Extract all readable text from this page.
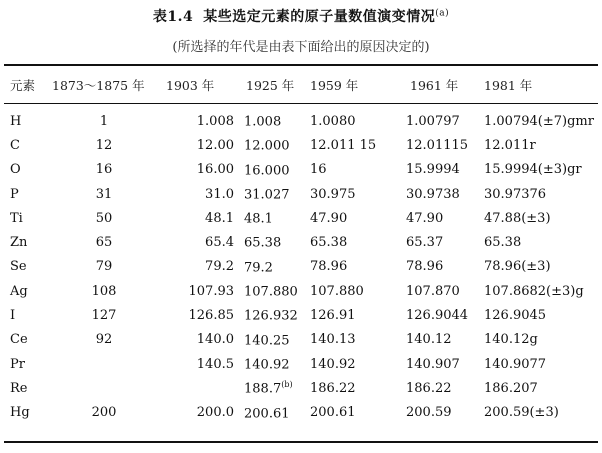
表1.4 某些选定元素的原子量数值演变情况$^{(a)}$
(所选择的年代是由表下面给出的原因决定的)
元素	1873～1875 年	1903 年	1925 年	1959 年	1961 年	1981 年
H	1	1.008	1.008	1.0080	1.00797	1.00794(±7)gmr
C	12	12.00	12.000	12.011 15	12.01115	12.011r
O	16	16.00	16.000	16	15.9994	15.9994(±3)gr
P	31	31.0	31.027	30.975	30.9738	30.97376
Ti	50	48.1	48.1	47.90	47.90	47.88(±3)
Zn	65	65.4	65.38	65.38	65.37	65.38
Se	79	79.2	79.2	78.96	78.96	78.96(±3)
Ag	108	107.93	107.880	107.880	107.870	107.8682(±3)g
I	127	126.85	126.932	126.91	126.9044	126.9045
Ce	92	140.0	140.25	140.13	140.12	140.12g
Pr		140.5	140.92	140.92	140.907	140.9077
Re			188.7$^{(b)}$	186.22	186.22	186.207
Hg	200	200.0	200.61	200.61	200.59	200.59(±3)
